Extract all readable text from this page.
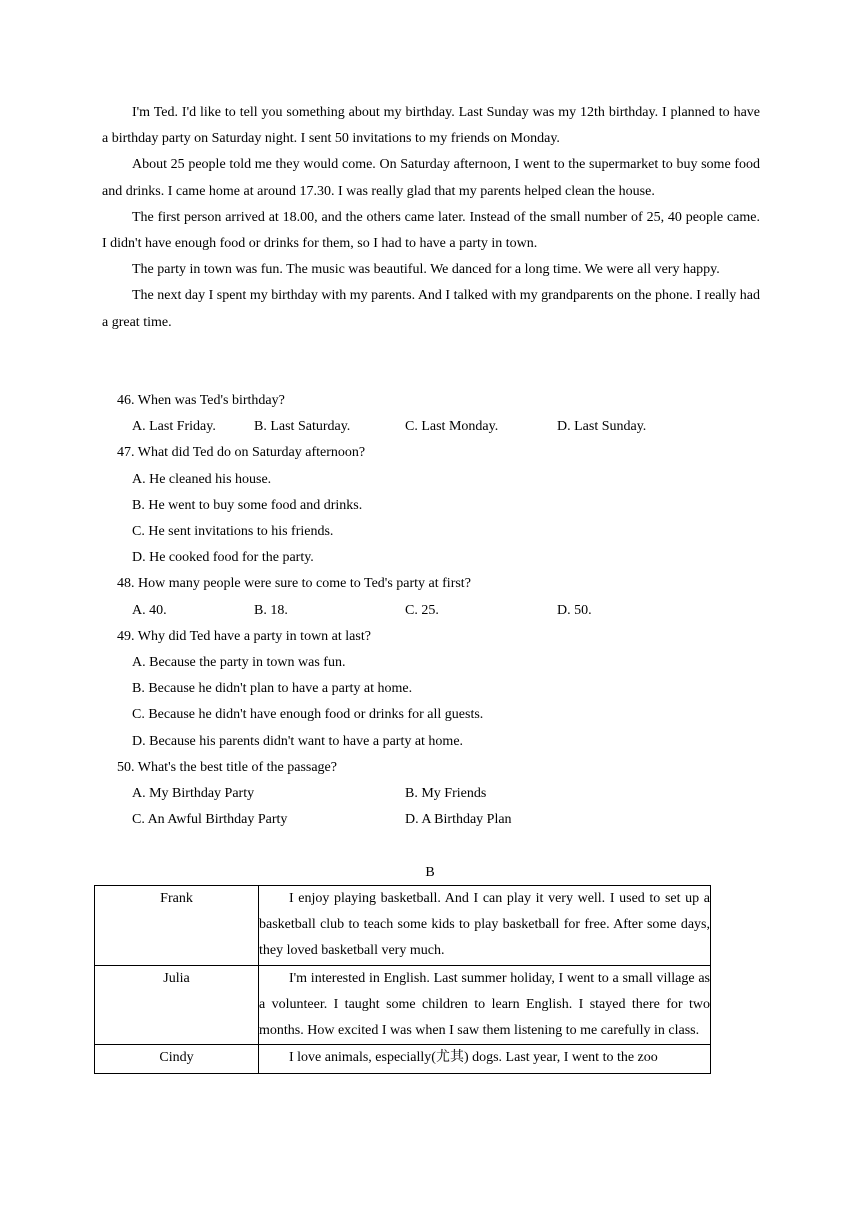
I'm Ted. I'd like to tell you something about my birthday. Last Sunday was my 12th birthday. I planned to have a birthday party on Saturday night. I sent 50 invitations to my friends on Monday.

About 25 people told me they would come. On Saturday afternoon, I went to the supermarket to buy some food and drinks. I came home at around 17.30. I was really glad that my parents helped clean the house.

The first person arrived at 18.00, and the others came later. Instead of the small number of 25, 40 people came. I didn't have enough food or drinks for them, so I had to have a party in town.

The party in town was fun. The music was beautiful. We danced for a long time. We were all very happy.

The next day I spent my birthday with my parents. And I talked with my grandparents on the phone. I really had a great time.

46. When was Ted's birthday?

A. Last Friday.	B. Last Saturday.	C. Last Monday.	D. Last Sunday.

47. What did Ted do on Saturday afternoon?

A. He cleaned his house.

B. He went to buy some food and drinks.

C. He sent invitations to his friends.

D. He cooked food for the party.

48. How many people were sure to come to Ted's party at first?

A. 40.	B. 18.	C. 25.	D. 50.

49. Why did Ted have a party in town at last?

A. Because the party in town was fun.

B. Because he didn't plan to have a party at home.

C. Because he didn't have enough food or drinks for all guests.

D. Because his parents didn't want to have a party at home.

50. What's the best title of the passage?

A. My Birthday Party	B. My Friends
C. An Awful Birthday Party	D. A Birthday Plan
B
Frank	I enjoy playing basketball. And I can play it very well. I used to set up a basketball club to teach some kids to play basketball for free. After some days, they loved basketball very much.

Julia	I'm interested in English. Last summer holiday, I went to a small village as a volunteer. I taught some children to learn English. I stayed there for two months. How excited I was when I saw them listening to me carefully in class.

Cindy	I love animals, especially(尤其) dogs. Last year, I went to the zoo
